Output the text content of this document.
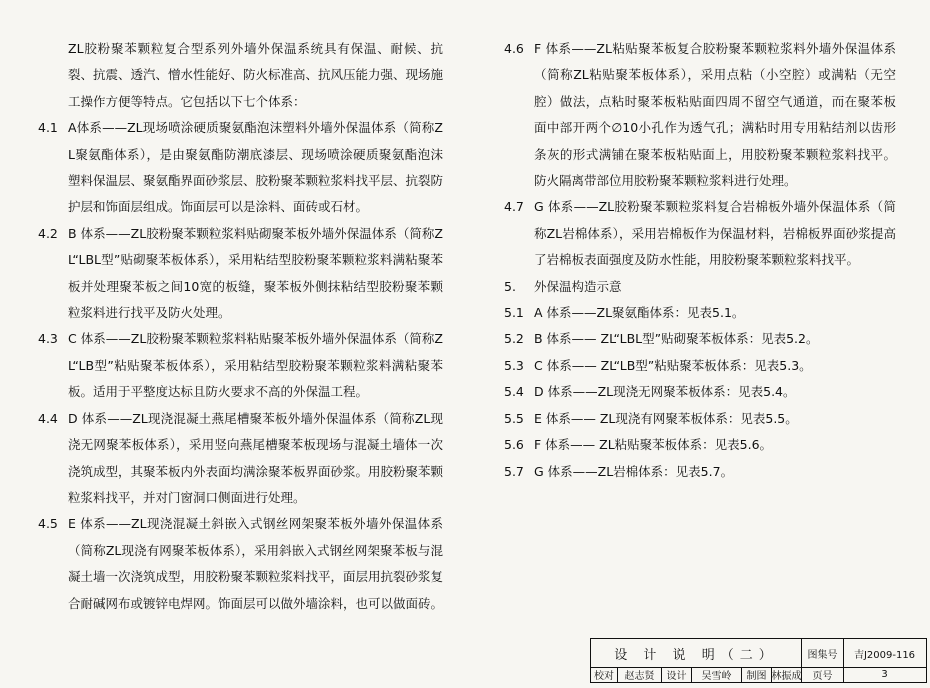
ZL胶粉聚苯颗粒复合型系列外墙外保温系统具有保温、耐候、抗裂、抗震、透汽、憎水性能好、防火标准高、抗风压能力强、现场施工操作方便等特点。它包括以下七个体系：
4.1 A体系——ZL现场喷涂硬质聚氨酯泡沫塑料外墙外保温体系（简称ZL聚氨酯体系），是由聚氨酯防潮底漆层、现场喷涂硬质聚氨酯泡沫塑料保温层、聚氨酯界面砂浆层、胶粉聚苯颗粒浆料找平层、抗裂防护层和饰面层组成。饰面层可以是涂料、面砖或石材。
4.2 B 体系——ZL胶粉聚苯颗粒浆料贴砌聚苯板外墙外保温体系（简称ZL“LBL型”贴砌聚苯板体系），采用粘结型胶粉聚苯颗粒浆料满粘聚苯板并处理聚苯板之间10宽的板缝，聚苯板外侧抹粘结型胶粉聚苯颗粒浆料进行找平及防火处理。
4.3 C 体系——ZL胶粉聚苯颗粒浆料粘贴聚苯板外墙外保温体系（简称ZL“LB型”粘贴聚苯板体系），采用粘结型胶粉聚苯颗粒浆料满粘聚苯板。适用于平整度达标且防火要求不高的外保温工程。
4.4 D 体系——ZL现浇混凝土燕尾槽聚苯板外墙外保温体系（简称ZL现浇无网聚苯板体系），采用竖向燕尾槽聚苯板现场与混凝土墙体一次浇筑成型，其聚苯板内外表面均满涂聚苯板界面砂浆。用胶粉聚苯颗粒浆料找平，并对门窗洞口侧面进行处理。
4.5 E 体系——ZL现浇混凝土斜嵌入式钢丝网架聚苯板外墙外保温体系（简称ZL现浇有网聚苯板体系），采用斜嵌入式钢丝网架聚苯板与混凝土墙一次浇筑成型，用胶粉聚苯颗粒浆料找平，面层用抗裂砂浆复合耐碱网布或镀锌电焊网。饰面层可以做外墙涂料，也可以做面砖。
4.6 F 体系——ZL粘贴聚苯板复合胶粉聚苯颗粒浆料外墙外保温体系（简称ZL粘贴聚苯板体系），采用点粘（小空腔）或满粘（无空腔）做法，点粘时聚苯板粘贴面四周不留空气通道，而在聚苯板面中部开两个∅10小孔作为透气孔；满粘时用专用粘结剂以齿形条灰的形式满铺在聚苯板粘贴面上，用胶粉聚苯颗粒浆料找平。防火隔离带部位用胶粉聚苯颗粒浆料进行处理。
4.7 G 体系——ZL胶粉聚苯颗粒浆料复合岩棉板外墙外保温体系（简称ZL岩棉体系），采用岩棉板作为保温材料，岩棉板界面砂浆提高了岩棉板表面强度及防水性能，用胶粉聚苯颗粒浆料找平。
5. 外保温构造示意
5.1 A 体系——ZL聚氨酯体系：见表5.1。
5.2 B 体系—— ZL“LBL型”贴砌聚苯板体系：见表5.2。
5.3 C 体系—— ZL“LB型”粘贴聚苯板体系：见表5.3。
5.4 D 体系——ZL现浇无网聚苯板体系：见表5.4。
5.5 E 体系—— ZL现浇有网聚苯板体系：见表5.5。
5.6 F 体系—— ZL粘贴聚苯板体系：见表5.6。
5.7 G 体系——ZL岩棉体系：见表5.7。
设 计 说 明（二）	图集号	吉J2009-116
校对	赵志贤	设计	吴雪岭	制图 林振成	页号	3
